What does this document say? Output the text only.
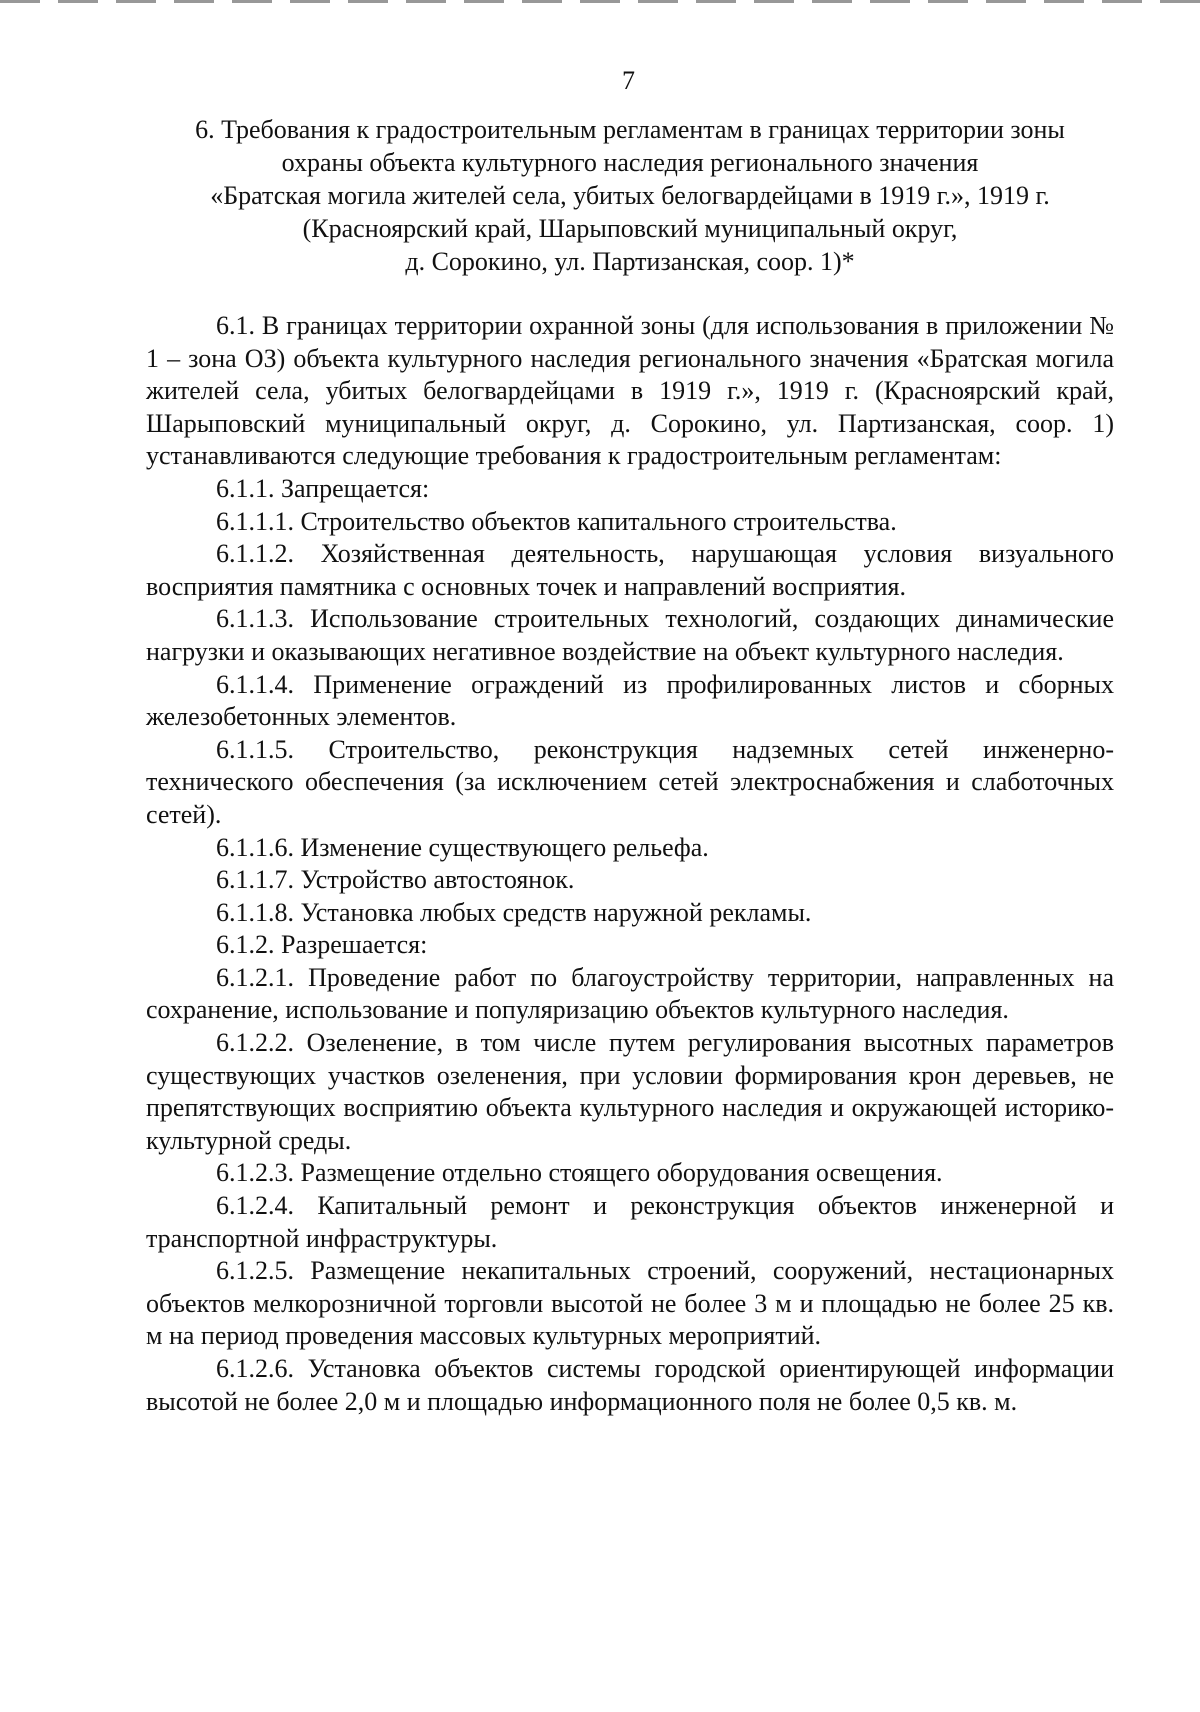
7
6. Требования к градостроительным регламентам в границах территории зоны
охраны объекта культурного наследия регионального значения
«Братская могила жителей села, убитых белогвардейцами в 1919 г.», 1919 г.
(Красноярский край, Шарыповский муниципальный округ,
д. Сорокино, ул. Партизанская, соор. 1)*

6.1. В границах территории охранной зоны (для использования в приложении № 1 – зона ОЗ) объекта культурного наследия регионального значения «Братская могила жителей села, убитых белогвардейцами в 1919 г.», 1919 г. (Красноярский край, Шарыповский муниципальный округ, д. Сорокино, ул. Партизанская, соор. 1) устанавливаются следующие требования к градостроительным регламентам:

6.1.1. Запрещается:

6.1.1.1. Строительство объектов капитального строительства.

6.1.1.2. Хозяйственная деятельность, нарушающая условия визуального восприятия памятника с основных точек и направлений восприятия.

6.1.1.3. Использование строительных технологий, создающих динамические нагрузки и оказывающих негативное воздействие на объект культурного наследия.

6.1.1.4. Применение ограждений из профилированных листов и сборных железобетонных элементов.

6.1.1.5. Строительство, реконструкция надземных сетей инженерно-технического обеспечения (за исключением сетей электроснабжения и слаботочных сетей).

6.1.1.6. Изменение существующего рельефа.

6.1.1.7. Устройство автостоянок.

6.1.1.8. Установка любых средств наружной рекламы.

6.1.2. Разрешается:

6.1.2.1. Проведение работ по благоустройству территории, направленных на сохранение, использование и популяризацию объектов культурного наследия.

6.1.2.2. Озеленение, в том числе путем регулирования высотных параметров существующих участков озеленения, при условии формирования крон деревьев, не препятствующих восприятию объекта культурного наследия и окружающей историко-культурной среды.

6.1.2.3. Размещение отдельно стоящего оборудования освещения.

6.1.2.4. Капитальный ремонт и реконструкция объектов инженерной и транспортной инфраструктуры.

6.1.2.5. Размещение некапитальных строений, сооружений, нестационарных объектов мелкорозничной торговли высотой не более 3 м и площадью не более 25 кв. м на период проведения массовых культурных мероприятий.

6.1.2.6. Установка объектов системы городской ориентирующей информации высотой не более 2,0 м и площадью информационного поля не более 0,5 кв. м.
